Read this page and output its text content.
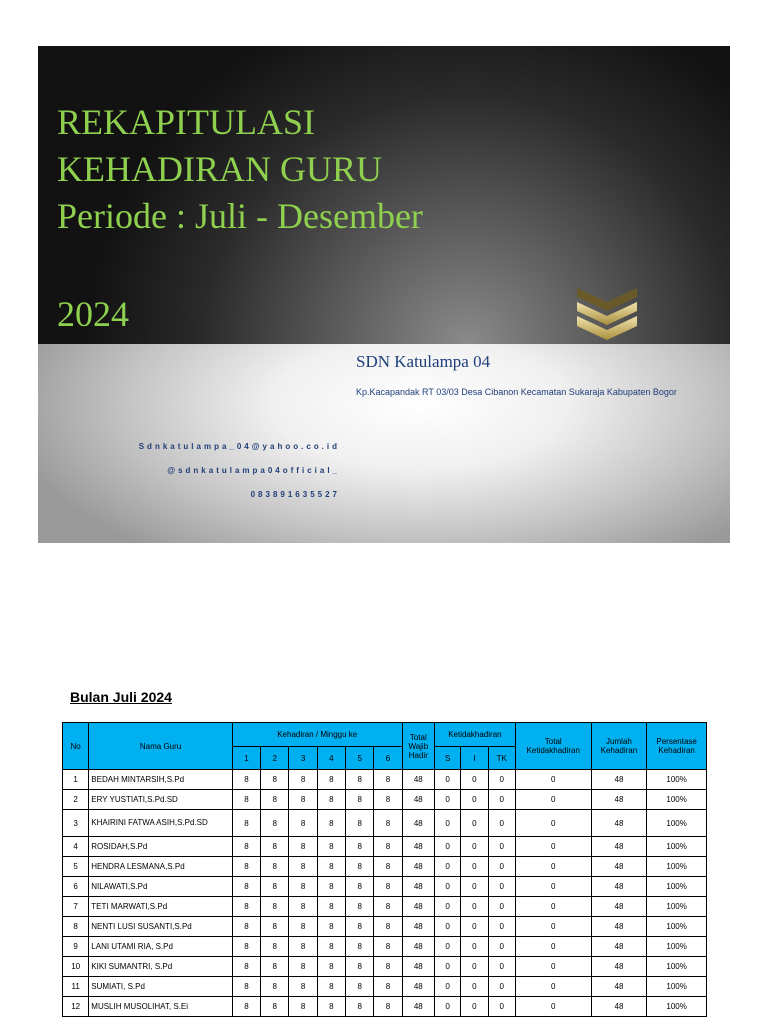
REKAPITULASI
KEHADIRAN GURU
Periode : Juli - Desember
2024
SDN Katulampa 04
Kp.Kacapandak RT 03/03 Desa Cibanon Kecamatan Sukaraja Kabupaten Bogor
Sdnkatulampa_04@yahoo.co.id
@sdnkatulampa04official_
083891635527
Bulan Juli 2024
No	Nama Guru	Kehadiran / Minggu ke						Total Wajib Hadir	Ketidakhadiran			Total Ketidakhadiran	Jumlah Kehadiran	Persentase Kehadiran
		1	2	3	4	5	6		S	I	TK			
1	BEDAH MINTARSIH,S.Pd	8	8	8	8	8	8	48	0	0	0	0	48	100%
2	ERY YUSTIATI,S.Pd.SD	8	8	8	8	8	8	48	0	0	0	0	48	100%
3	KHAIRINI FATWA ASIH,S.Pd.SD	8	8	8	8	8	8	48	0	0	0	0	48	100%
4	ROSIDAH,S.Pd	8	8	8	8	8	8	48	0	0	0	0	48	100%
5	HENDRA LESMANA,S.Pd	8	8	8	8	8	8	48	0	0	0	0	48	100%
6	NILAWATI,S.Pd	8	8	8	8	8	8	48	0	0	0	0	48	100%
7	TETI MARWATI,S.Pd	8	8	8	8	8	8	48	0	0	0	0	48	100%
8	NENTI LUSI SUSANTI,S.Pd	8	8	8	8	8	8	48	0	0	0	0	48	100%
9	LANI UTAMI RIA, S.Pd	8	8	8	8	8	8	48	0	0	0	0	48	100%
10	KIKI SUMANTRI, S.Pd	8	8	8	8	8	8	48	0	0	0	0	48	100%
11	SUMIATI, S.Pd	8	8	8	8	8	8	48	0	0	0	0	48	100%
12	MUSLIH MUSOLIHAT, S.Ei	8	8	8	8	8	8	48	0	0	0	0	48	100%
